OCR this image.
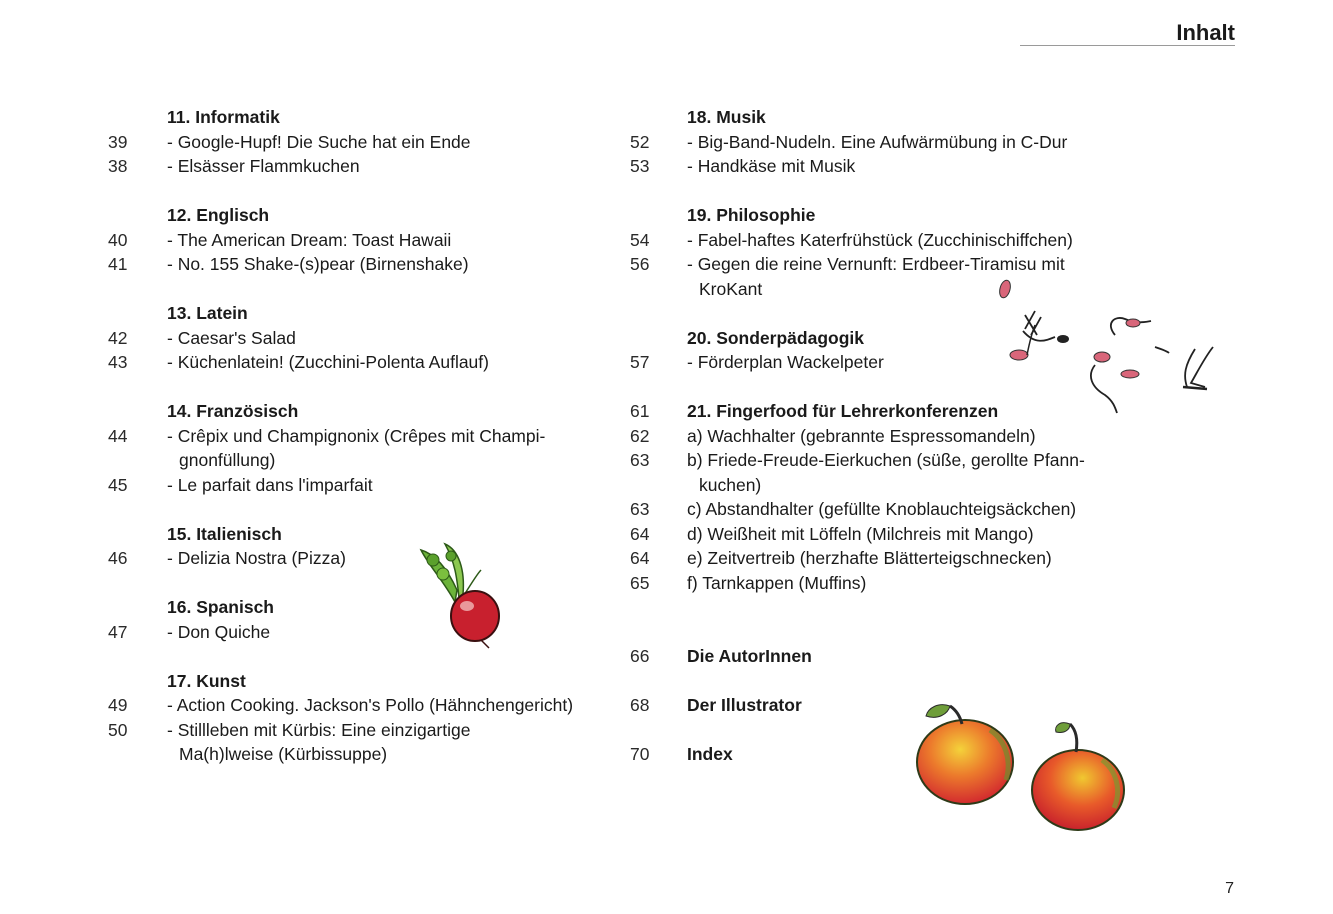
Inhalt
11. Informatik
39	- Google-Hupf! Die Suche hat ein Ende
38	- Elsässer Flammkuchen
12. Englisch
40	- The American Dream: Toast Hawaii
41	- No. 155 Shake-(s)pear (Birnenshake)
13. Latein
42	- Caesar's Salad
43	- Küchenlatein! (Zucchini-Polenta Auflauf)
14. Französisch
44	- Crêpix und Champignonix (Crêpes mit Champi-
gnonfüllung)
45	- Le parfait dans l'imparfait
15. Italienisch
46	- Delizia Nostra (Pizza)
16. Spanisch
47	- Don Quiche
17. Kunst
49	- Action Cooking. Jackson's Pollo (Hähnchengericht)
50	- Stillleben mit Kürbis: Eine einzigartige
Ma(h)lweise (Kürbissuppe)
18. Musik
52	- Big-Band-Nudeln. Eine Aufwärmübung in C-Dur
53	- Handkäse mit Musik
19. Philosophie
54	- Fabel-haftes Katerfrühstück (Zucchinischiffchen)
56	- Gegen die reine Vernunft: Erdbeer-Tiramisu mit
KroKant
20. Sonderpädagogik
57	- Förderplan Wackelpeter
61	21. Fingerfood für Lehrerkonferenzen
62	a) Wachhalter (gebrannte Espressomandeln)
63	b) Friede-Freude-Eierkuchen (süße, gerollte Pfann-
kuchen)
63	c) Abstandhalter (gefüllte Knoblauchteigsäckchen)
64	d) Weißheit mit Löffeln (Milchreis mit Mango)
64	e) Zeitvertreib (herzhafte Blätterteigschnecken)
65	f) Tarnkappen (Muffins)
66	Die AutorInnen
68	Der Illustrator
70	Index
7
